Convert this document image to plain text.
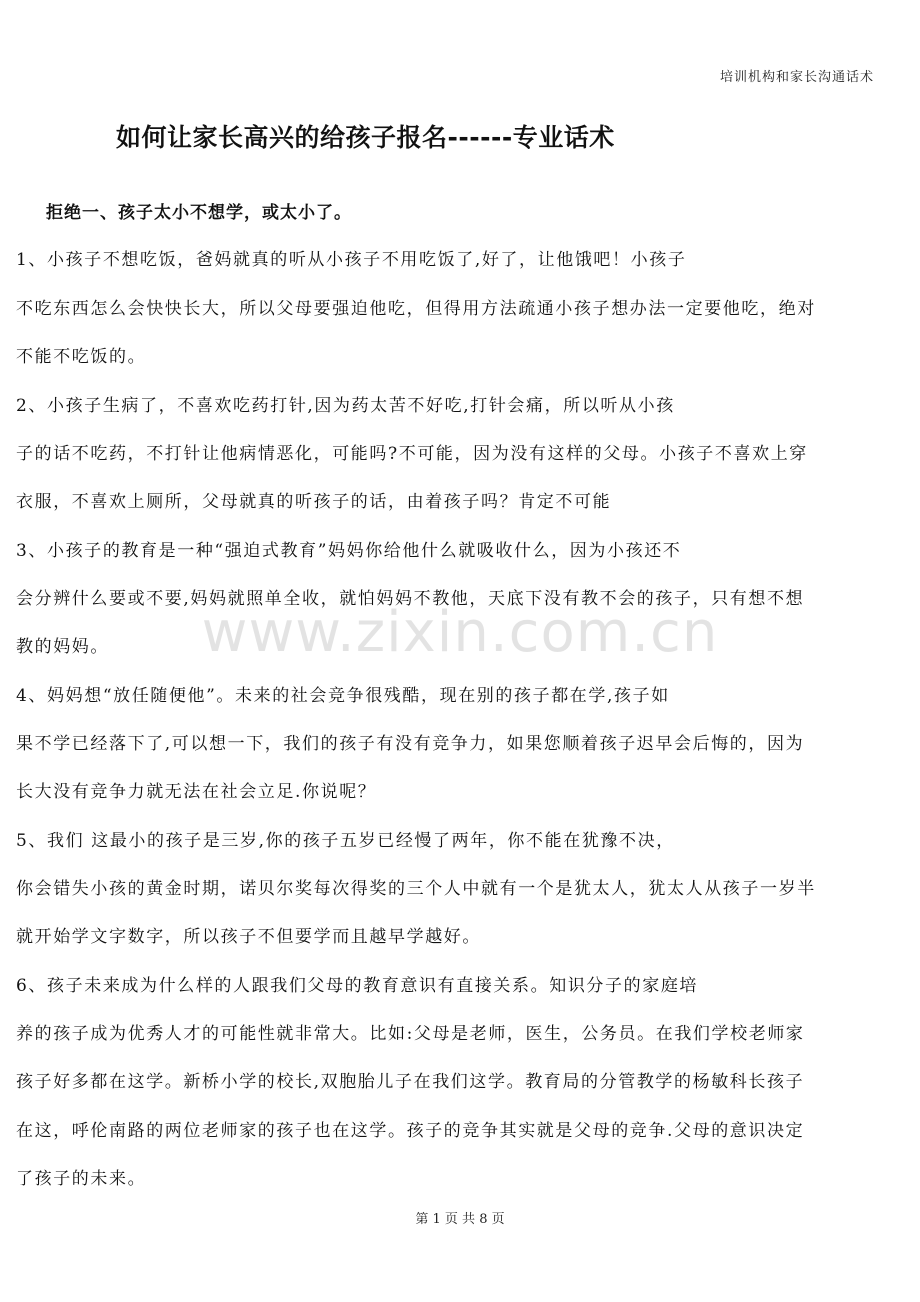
培训机构和家长沟通话术
如何让家长高兴的给孩子报名------专业话术
拒绝一、孩子太小不想学，或太小了。
1、小孩子不想吃饭，爸妈就真的听从小孩子不用吃饭了,好了，让他饿吧！小孩子
不吃东西怎么会快快长大，所以父母要强迫他吃，但得用方法疏通小孩子想办法一定要他吃，绝对
不能不吃饭的。
2、小孩子生病了，不喜欢吃药打针,因为药太苦不好吃,打针会痛，所以听从小孩
子的话不吃药，不打针让他病情恶化，可能吗?不可能，因为没有这样的父母。小孩子不喜欢上穿
衣服，不喜欢上厕所，父母就真的听孩子的话，由着孩子吗？肯定不可能
3、小孩子的教育是一种“强迫式教育”妈妈你给他什么就吸收什么，因为小孩还不
会分辨什么要或不要,妈妈就照单全收，就怕妈妈不教他，天底下没有教不会的孩子，只有想不想
教的妈妈。
4、妈妈想“放任随便他”。未来的社会竞争很残酷，现在别的孩子都在学,孩子如
果不学已经落下了,可以想一下，我们的孩子有没有竞争力，如果您顺着孩子迟早会后悔的，因为
长大没有竞争力就无法在社会立足.你说呢？
5、我们 这最小的孩子是三岁,你的孩子五岁已经慢了两年，你不能在犹豫不决，
你会错失小孩的黄金时期，诺贝尔奖每次得奖的三个人中就有一个是犹太人，犹太人从孩子一岁半
就开始学文字数字，所以孩子不但要学而且越早学越好。
6、孩子未来成为什么样的人跟我们父母的教育意识有直接关系。知识分子的家庭培
养的孩子成为优秀人才的可能性就非常大。比如:父母是老师，医生，公务员。在我们学校老师家
孩子好多都在这学。新桥小学的校长,双胞胎儿子在我们这学。教育局的分管教学的杨敏科长孩子
在这，呼伦南路的两位老师家的孩子也在这学。孩子的竞争其实就是父母的竞争.父母的意识决定
了孩子的未来。
www.zixin.com.cn
第 1 页 共 8 页
